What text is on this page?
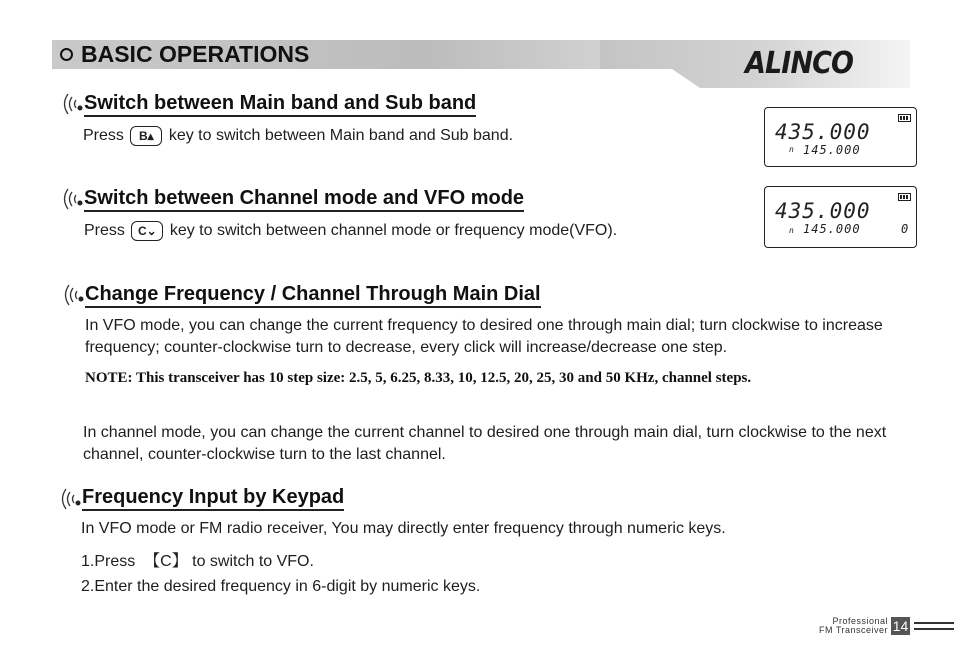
BASIC OPERATIONS	ALINCO
Switch between Main band and Sub band
Press B ▴ key to switch between Main band and Sub band.
Switch between Channel mode and VFO mode
Press C ⌄ key to switch between channel mode or frequency mode(VFO).
435.000
n 145.000
435.000
n 145.000	0
Change Frequency / Channel Through Main Dial
In VFO mode, you can change the current frequency to desired one through main dial; turn clockwise to increase frequency; counter-clockwise turn to decrease, every click will increase/decrease one step.
NOTE: This transceiver has 10 step size: 2.5, 5, 6.25, 8.33, 10, 12.5, 20, 25, 30 and 50 KHz, channel steps.
In channel mode, you can change the current channel to desired one through main dial, turn clockwise to the next channel, counter-clockwise turn to the last channel.
Frequency Input by Keypad
In VFO mode or FM radio receiver, You may directly enter frequency through numeric keys.
1.Press  【C】 to switch to VFO.
2.Enter the desired frequency in 6-digit by numeric keys.
Professional
FM Transceiver 14
